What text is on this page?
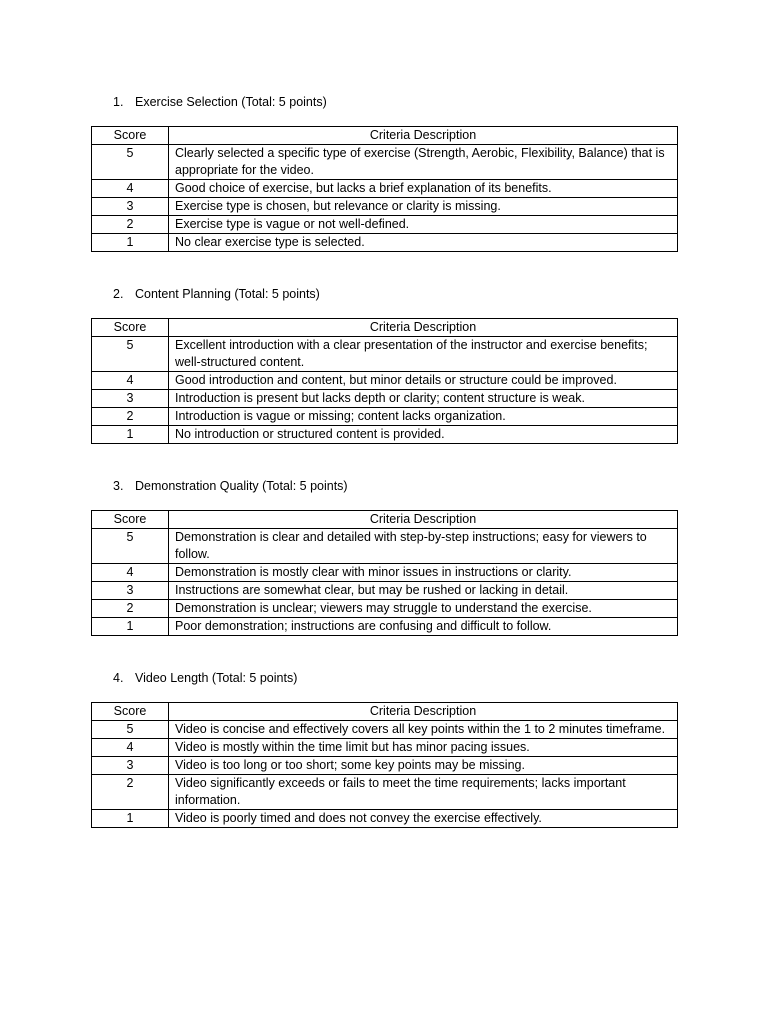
1. Exercise Selection (Total: 5 points)
Score	Criteria Description
5	Clearly selected a specific type of exercise (Strength, Aerobic, Flexibility, Balance) that is appropriate for the video.
4	Good choice of exercise, but lacks a brief explanation of its benefits.
3	Exercise type is chosen, but relevance or clarity is missing.
2	Exercise type is vague or not well-defined.
1	No clear exercise type is selected.
2. Content Planning (Total: 5 points)
Score	Criteria Description
5	Excellent introduction with a clear presentation of the instructor and exercise benefits; well-structured content.
4	Good introduction and content, but minor details or structure could be improved.
3	Introduction is present but lacks depth or clarity; content structure is weak.
2	Introduction is vague or missing; content lacks organization.
1	No introduction or structured content is provided.
3. Demonstration Quality (Total: 5 points)
Score	Criteria Description
5	Demonstration is clear and detailed with step-by-step instructions; easy for viewers to follow.
4	Demonstration is mostly clear with minor issues in instructions or clarity.
3	Instructions are somewhat clear, but may be rushed or lacking in detail.
2	Demonstration is unclear; viewers may struggle to understand the exercise.
1	Poor demonstration; instructions are confusing and difficult to follow.
4. Video Length (Total: 5 points)
Score	Criteria Description
5	Video is concise and effectively covers all key points within the 1 to 2 minutes timeframe.
4	Video is mostly within the time limit but has minor pacing issues.
3	Video is too long or too short; some key points may be missing.
2	Video significantly exceeds or fails to meet the time requirements; lacks important information.
1	Video is poorly timed and does not convey the exercise effectively.
